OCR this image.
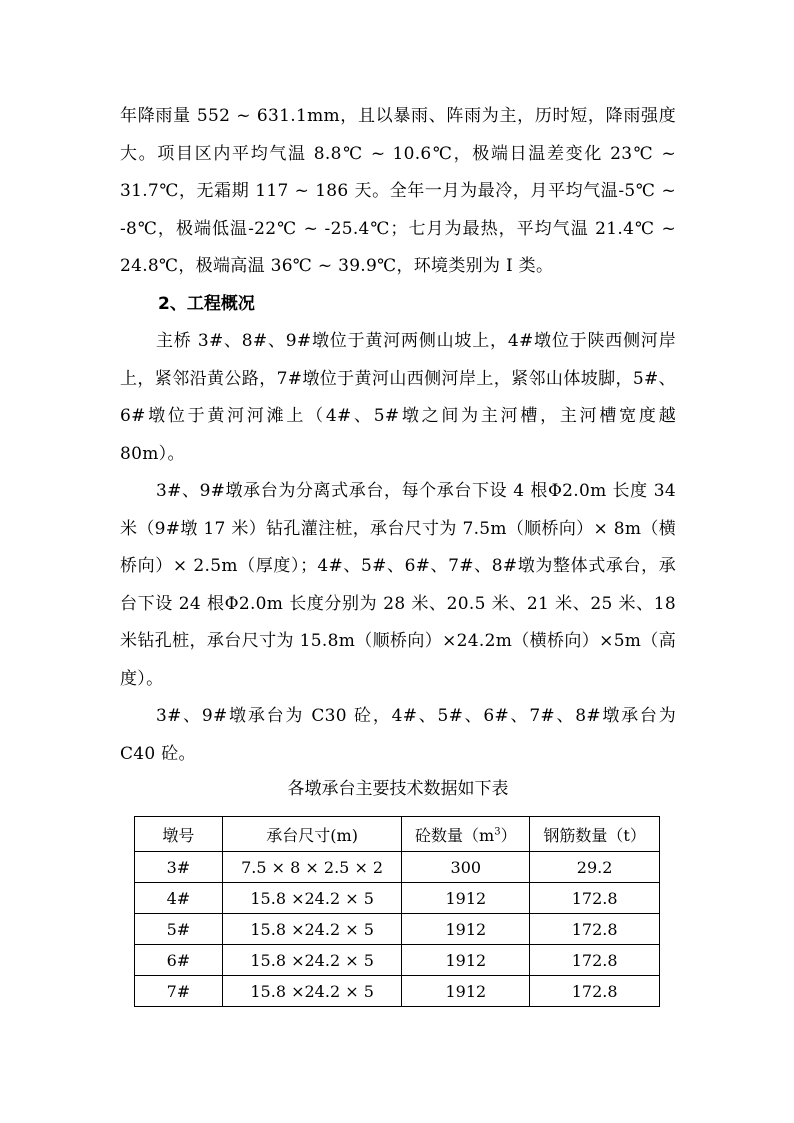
年降雨量 552 ~ 631.1mm，且以暴雨、阵雨为主，历时短，降雨强度大。项目区内平均气温 8.8℃ ~ 10.6℃，极端日温差变化 23℃ ~ 31.7℃，无霜期 117 ~ 186 天。全年一月为最冷，月平均气温-5℃ ~ -8℃，极端低温-22℃ ~ -25.4℃；七月为最热，平均气温 21.4℃ ~ 24.8℃，极端高温 36℃ ~ 39.9℃，环境类别为 I 类。

2、工程概况

主桥 3#、8#、9#墩位于黄河两侧山坡上，4#墩位于陕西侧河岸上，紧邻沿黄公路，7#墩位于黄河山西侧河岸上，紧邻山体坡脚，5#、6#墩位于黄河河滩上（4#、5#墩之间为主河槽，主河槽宽度越 80m）。

3#、9#墩承台为分离式承台，每个承台下设 4 根Φ2.0m 长度 34 米（9#墩 17 米）钻孔灌注桩，承台尺寸为 7.5m（顺桥向）× 8m（横桥向）× 2.5m（厚度）；4#、5#、6#、7#、8#墩为整体式承台，承台下设 24 根Φ2.0m 长度分别为 28 米、20.5 米、21 米、25 米、18 米钻孔桩，承台尺寸为 15.8m（顺桥向）×24.2m（横桥向）×5m（高度）。

3#、9#墩承台为 C30 砼，4#、5#、6#、7#、8#墩承台为 C40 砼。

各墩承台主要技术数据如下表

墩号	承台尺寸(m)	砼数量$(m^3)$	钢筋数量（t）
3#	7.5 × 8 × 2.5 × 2	300	29.2
4#	15.8 ×24.2 × 5	1912	172.8
5#	15.8 ×24.2 × 5	1912	172.8
6#	15.8 ×24.2 × 5	1912	172.8
7#	15.8 ×24.2 × 5	1912	172.8
